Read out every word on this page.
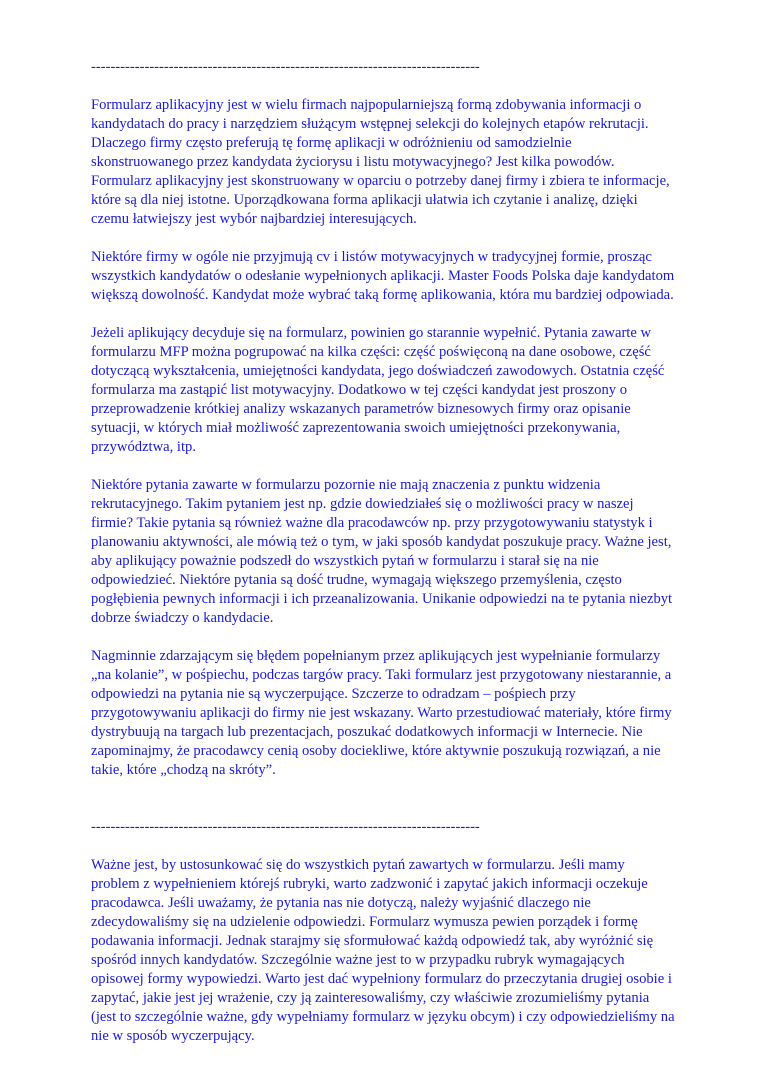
--------------------------------------------------------------------------------

Formularz aplikacyjny jest w wielu firmach najpopularniejszą formą zdobywania informacji o kandydatach do pracy i narzędziem służącym wstępnej selekcji do kolejnych etapów rekrutacji. Dlaczego firmy często preferują tę formę aplikacji w odróżnieniu od samodzielnie skonstruowanego przez kandydata życiorysu i listu motywacyjnego? Jest kilka powodów. Formularz aplikacyjny jest skonstruowany w oparciu o potrzeby danej firmy i zbiera te informacje, które są dla niej istotne. Uporządkowana forma aplikacji ułatwia ich czytanie i analizę, dzięki czemu łatwiejszy jest wybór najbardziej interesujących.

Niektóre firmy w ogóle nie przyjmują cv i listów motywacyjnych w tradycyjnej formie, prosząc wszystkich kandydatów o odesłanie wypełnionych aplikacji. Master Foods Polska daje kandydatom większą dowolność. Kandydat może wybrać taką formę aplikowania, która mu bardziej odpowiada.

Jeżeli aplikujący decyduje się na formularz, powinien go starannie wypełnić. Pytania zawarte w formularzu MFP można pogrupować na kilka części: część poświęconą na dane osobowe, część dotyczącą wykształcenia, umiejętności kandydata, jego doświadczeń zawodowych. Ostatnia część formularza ma zastąpić list motywacyjny. Dodatkowo w tej części kandydat jest proszony o przeprowadzenie krótkiej analizy wskazanych parametrów biznesowych firmy oraz opisanie sytuacji, w których miał możliwość zaprezentowania swoich umiejętności przekonywania, przywództwa, itp.

Niektóre pytania zawarte w formularzu pozornie nie mają znaczenia z punktu widzenia rekrutacyjnego. Takim pytaniem jest np. gdzie dowiedziałeś się o możliwości pracy w naszej firmie? Takie pytania są również ważne dla pracodawców np. przy przygotowywaniu statystyk i planowaniu aktywności, ale mówią też o tym, w jaki sposób kandydat poszukuje pracy. Ważne jest, aby aplikujący poważnie podszedł do wszystkich pytań w formularzu i starał się na nie odpowiedzieć. Niektóre pytania są dość trudne, wymagają większego przemyślenia, często pogłębienia pewnych informacji i ich przeanalizowania. Unikanie odpowiedzi na te pytania niezbyt dobrze świadczy o kandydacie.

Nagminnie zdarzającym się błędem popełnianym przez aplikujących jest wypełnianie formularzy „na kolanie”, w pośpiechu, podczas targów pracy. Taki formularz jest przygotowany niestarannie, a odpowiedzi na pytania nie są wyczerpujące. Szczerze to odradzam – pośpiech przy przygotowywaniu aplikacji do firmy nie jest wskazany. Warto przestudiować materiały, które firmy dystrybuują na targach lub prezentacjach, poszukać dodatkowych informacji w Internecie. Nie zapominajmy, że pracodawcy cenią osoby dociekliwe, które aktywnie poszukują rozwiązań, a nie takie, które „chodzą na skróty”.

--------------------------------------------------------------------------------

Ważne jest, by ustosunkować się do wszystkich pytań zawartych w formularzu. Jeśli mamy problem z wypełnieniem którejś rubryki, warto zadzwonić i zapytać jakich informacji oczekuje pracodawca. Jeśli uważamy, że pytania nas nie dotyczą, należy wyjaśnić dlaczego nie zdecydowaliśmy się na udzielenie odpowiedzi. Formularz wymusza pewien porządek i formę podawania informacji. Jednak starajmy się sformułować każdą odpowiedź tak, aby wyróżnić się spośród innych kandydatów. Szczególnie ważne jest to w przypadku rubryk wymagających opisowej formy wypowiedzi. Warto jest dać wypełniony formularz do przeczytania drugiej osobie i zapytać, jakie jest jej wrażenie, czy ją zainteresowaliśmy, czy właściwie zrozumieliśmy pytania (jest to szczególnie ważne, gdy wypełniamy formularz w języku obcym) i czy odpowiedzieliśmy na nie w sposób wyczerpujący.
